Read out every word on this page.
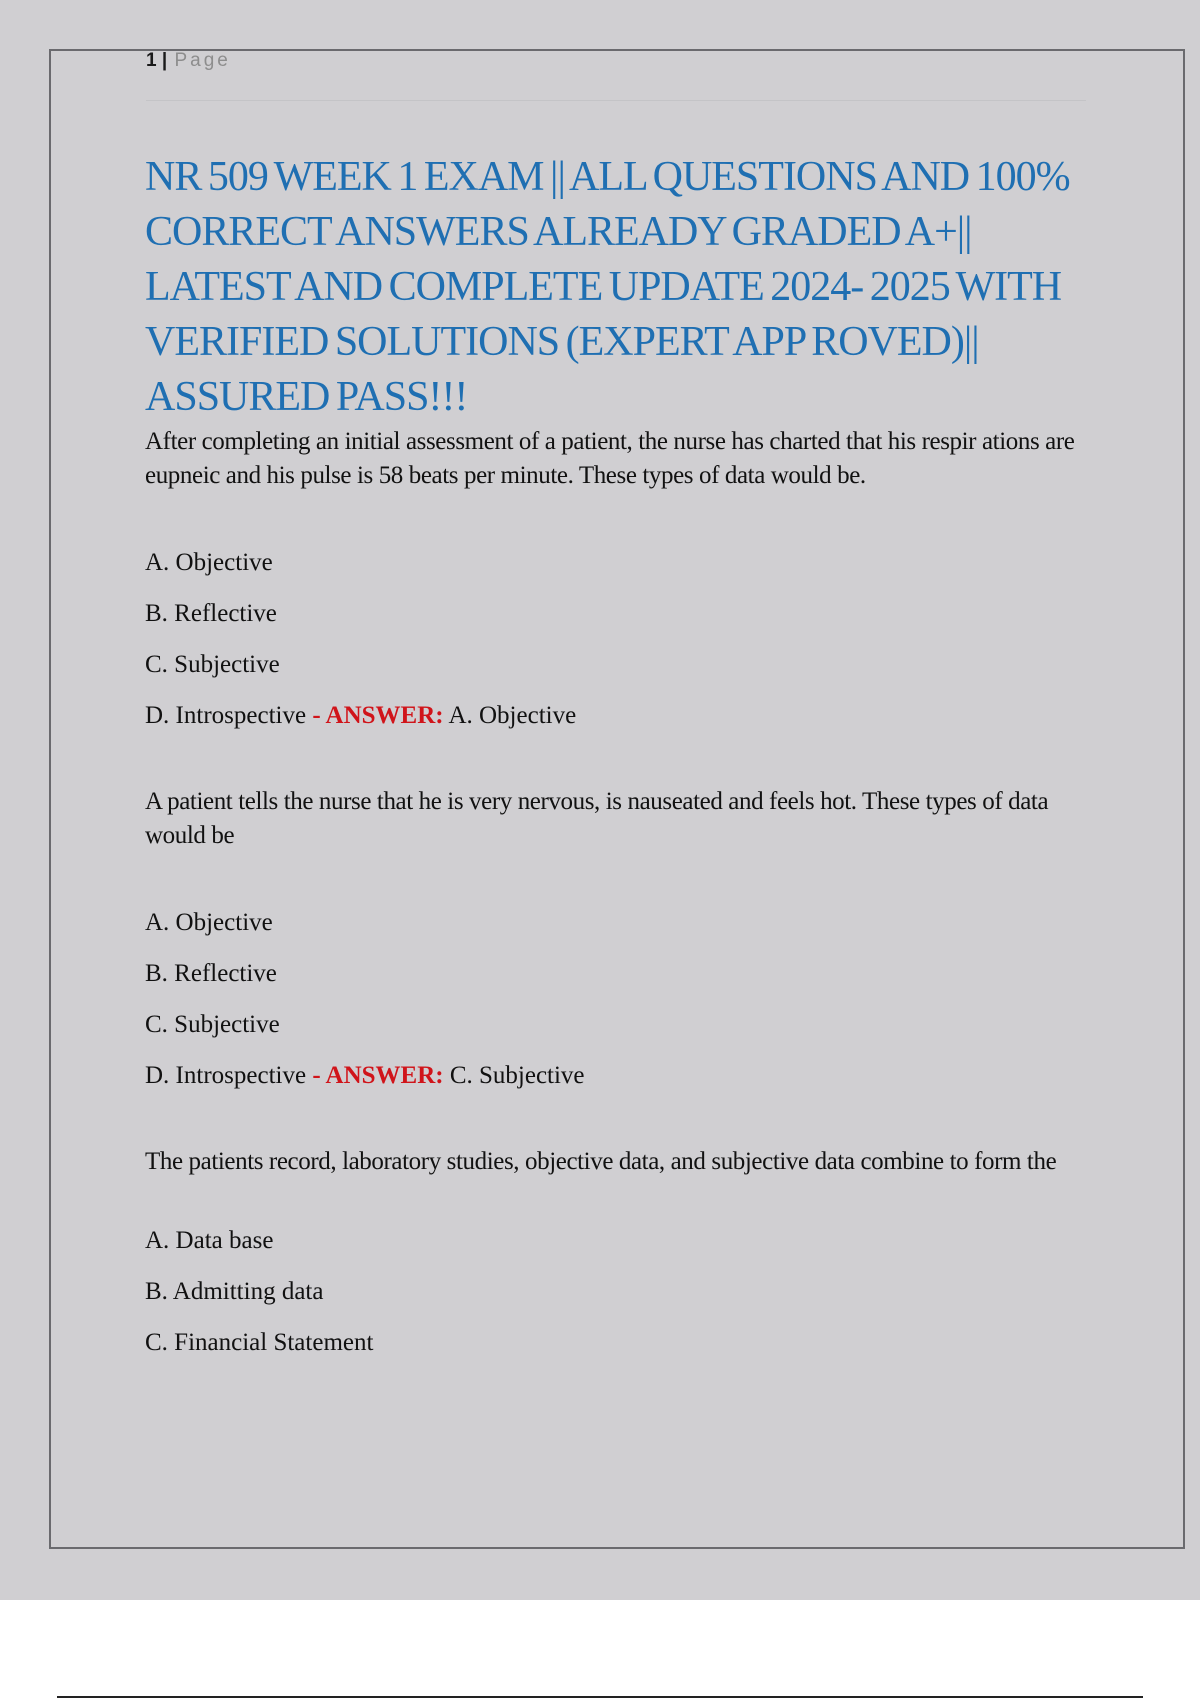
1 | Page
NR 509 WEEK 1 EXAM || ALL QUESTIONS AND 100% CORRECT ANSWERS ALREADY GRADED A+|| LATEST AND COMPLETE UPDATE 2024- 2025 WITH VERIFIED SOLUTIONS (EXPERT APP ROVED)|| ASSURED PASS!!!

After completing an initial assessment of a patient, the nurse has charted that his respir ations are eupneic and his pulse is 58 beats per minute. These types of data would be.

A. Objective
B. Reflective
C. Subjective
D. Introspective - ANSWER: A. Objective

A patient tells the nurse that he is very nervous, is nauseated and feels hot. These types of data would be

A. Objective
B. Reflective
C. Subjective
D. Introspective - ANSWER: C. Subjective

The patients record, laboratory studies, objective data, and subjective data combine to form the

A. Data base
B. Admitting data
C. Financial Statement
